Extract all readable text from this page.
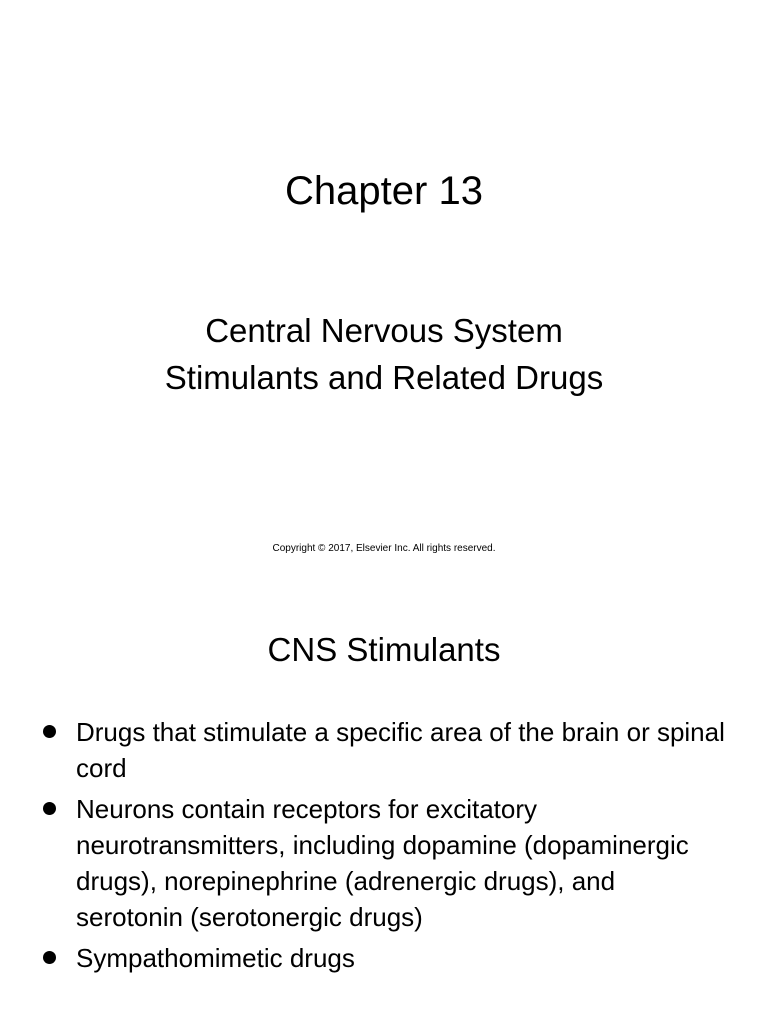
Chapter 13
Central Nervous System
Stimulants and Related Drugs
Copyright © 2017, Elsevier Inc. All rights reserved.
CNS Stimulants
Drugs that stimulate a specific area of the brain or spinal cord
Neurons contain receptors for excitatory neurotransmitters, including dopamine (dopaminergic drugs), norepinephrine (adrenergic drugs), and serotonin (serotonergic drugs)
Sympathomimetic drugs
